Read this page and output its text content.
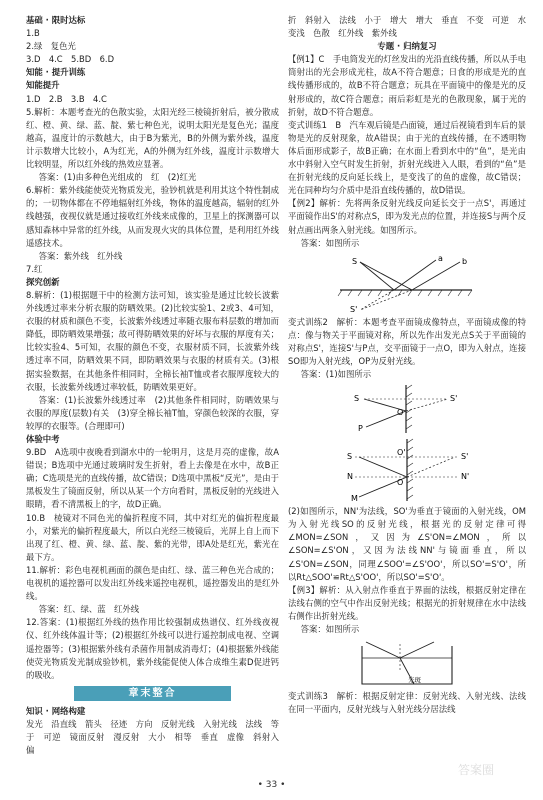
基础 · 限时达标

1.B

2.绿　复色光

3.D　4.C　5.BD　6.D

知能 · 提升训练

知能提升

1.D　2.B　3.B　4.C

5.解析：本题考查光的色散实验，太阳光经三棱镜折射后，被分散成红、橙、黄、绿、蓝、靛、紫七种色光，说明太阳光是复色光；温度越高，温度计的示数越大，由于B为紫光，B的外侧为紫外线，温度计示数增大比较小，A为红光，A的外侧为红外线，温度计示数增大比较明显，所以红外线的热效应显著。

答案：(1)由多种色光组成的　红　(2)红光

6.解析：紫外线能使荧光物质发光，验钞机就是利用其这个特性制成的；一切物体都在不停地辐射红外线，物体的温度越高，辐射的红外线越强，夜视仪就是通过接收红外线来成像的，卫星上的探测器可以感知森林中异常的红外线，从而发现火灾的具体位置，是利用红外线遥感技术。

答案：紫外线　红外线

7.红

探究创新

8.解析：(1)根据题干中的检测方法可知，该实验是通过比较长波紫外线透过率来分析衣服的防晒效果。(2)比较实验1、2或3、4可知，衣服的材质和颜色不变，长波紫外线透过率随衣服布料层数的增加而降低，即防晒效果增强；故可得防晒效果的好坏与衣服的厚度有关；比较实验4、5可知，衣服的颜色不变，衣服材质不同，长波紫外线透过率不同，防晒效果不同，即防晒效果与衣服的材质有关。(3)根据实验数据，在其他条件相同时，全棉长袖T恤或者衣服厚度较大的衣服，长波紫外线透过率较低，防晒效果更好。

答案：(1)长波紫外线透过率　(2)其他条件相同时，防晒效果与衣服的厚度(层数)有关　(3)穿全棉长袖T恤，穿颜色较深的衣服，穿较厚的衣服等。(合理即可)

体验中考

9.BD　A选项中夜晚看到湖水中的一轮明月，这是月亮的虚像，故A错误；B选项中光通过玻璃时发生折射，看上去像是在水中，故B正确；C选项是光的直线传播，故C错误；D选项中黑板“反光”，是由于黑板发生了镜面反射，所以从某一个方向看时，黑板反射的光线进入眼睛，看不清黑板上的字，故D正确。

10.B　棱镜对不同色光的偏折程度不同，其中对红光的偏折程度最小，对紫光的偏折程度最大，所以白光经三棱镜后，光屏上自上而下出现了红、橙、黄、绿、蓝、靛、紫的光带，即A处是红光，紫光在最下方。

11.解析：彩色电视机画面的颜色是由红、绿、蓝三种色光合成的；电视机的遥控器可以发出红外线来遥控电视机，遥控器发出的是红外线。

答案：红、绿、蓝　红外线

12.答案：(1)根据红外线的热作用比较强制成热谱仪、红外线夜视仪、红外线体温计等；(2)根据红外线可以进行遥控制成电视、空调遥控器等；(3)根据紫外线有杀菌作用制成消毒灯；(4)根据紫外线能使荧光物质发光制成验钞机，紫外线能促使人体合成维生素D促进钙的吸收。

章末整合

知识 · 网络构建

发光　沿直线　箭头　径迹　方向　反射光线　入射光线　法线　等于　可逆　镜面反射　漫反射　大小　相等　垂直　虚像　斜射入　偏

折　斜射入　法线　小于　增大　增大　垂直　不变　可逆　水变浅　色散　红外线　紫外线

专题 · 归纳复习

【例1】C　手电筒发光的灯丝发出的光沿直线传播，所以从手电筒射出的光会形成光柱，故A不符合题意；日食的形成是光的直线传播形成的，故B不符合题意；玩具在平面镜中的像是光的反射形成的，故C符合题意；雨后彩虹是光的色散现象，属于光的折射，故D不符合题意。

变式训练1　B　汽车观后镜是凸面镜，通过后视镜看到车后的景物是光的反射现象，故A错误；由于光的直线传播，在不透明物体后面形成影子，故B正确；在水面上看到水中的“鱼”，是光由水中斜射入空气时发生折射，折射光线进入人眼，看到的“鱼”是在折射光线的反向延长线上，是变浅了的鱼的虚像，故C错误；光在同种均匀介质中是沿直线传播的，故D错误。

【例2】解析：先将两条反射光线反向延长交于一点S'，再通过平面镜作出S'的对称点S，即为发光点的位置，并连接S与两个反射点画出两条入射光线。如图所示。

答案：如图所示

S	a b
S'

变式训练2　解析：本题考查平面镜成像特点，平面镜成像的特点：像与物关于平面镜对称，所以先作出发光点S关于平面镜的对称点S'，连接S'与P点，交平面镜于一点O，即为入射点，连接SO即为入射光线，OP为反射光线。

答案：(1)如图所示

S	S'
P
O
S	S'
N	N'
O
O'
M

(2)如图所示，NN'为法线，SO'为垂直于镜面的入射光线，OM为入射光线SO的反射光线，根据光的反射定律可得∠MON=∠SON，又因为∠S'ON=∠MON，所以∠SON=∠S'ON，又因为法线NN'与镜面垂直，所以∠S'ON=∠SON，同理∠SOO'=∠S'OO'，所以SO'=S'O'，所以Rt△SOO'≌Rt△S'OO'，所以SO'=S'O'。

【例3】解析：从入射点作垂直于界面的法线，根据反射定律在法线右侧的空气中作出反射光线；根据光的折射规律在水中法线右侧作出折射光线。

答案：如图所示

光斑

变式训练3　解析：根据反射定律：反射光线、入射光线、法线在同一平面内，反射光线与入射光线分居法线

• 33 •
答案圈
